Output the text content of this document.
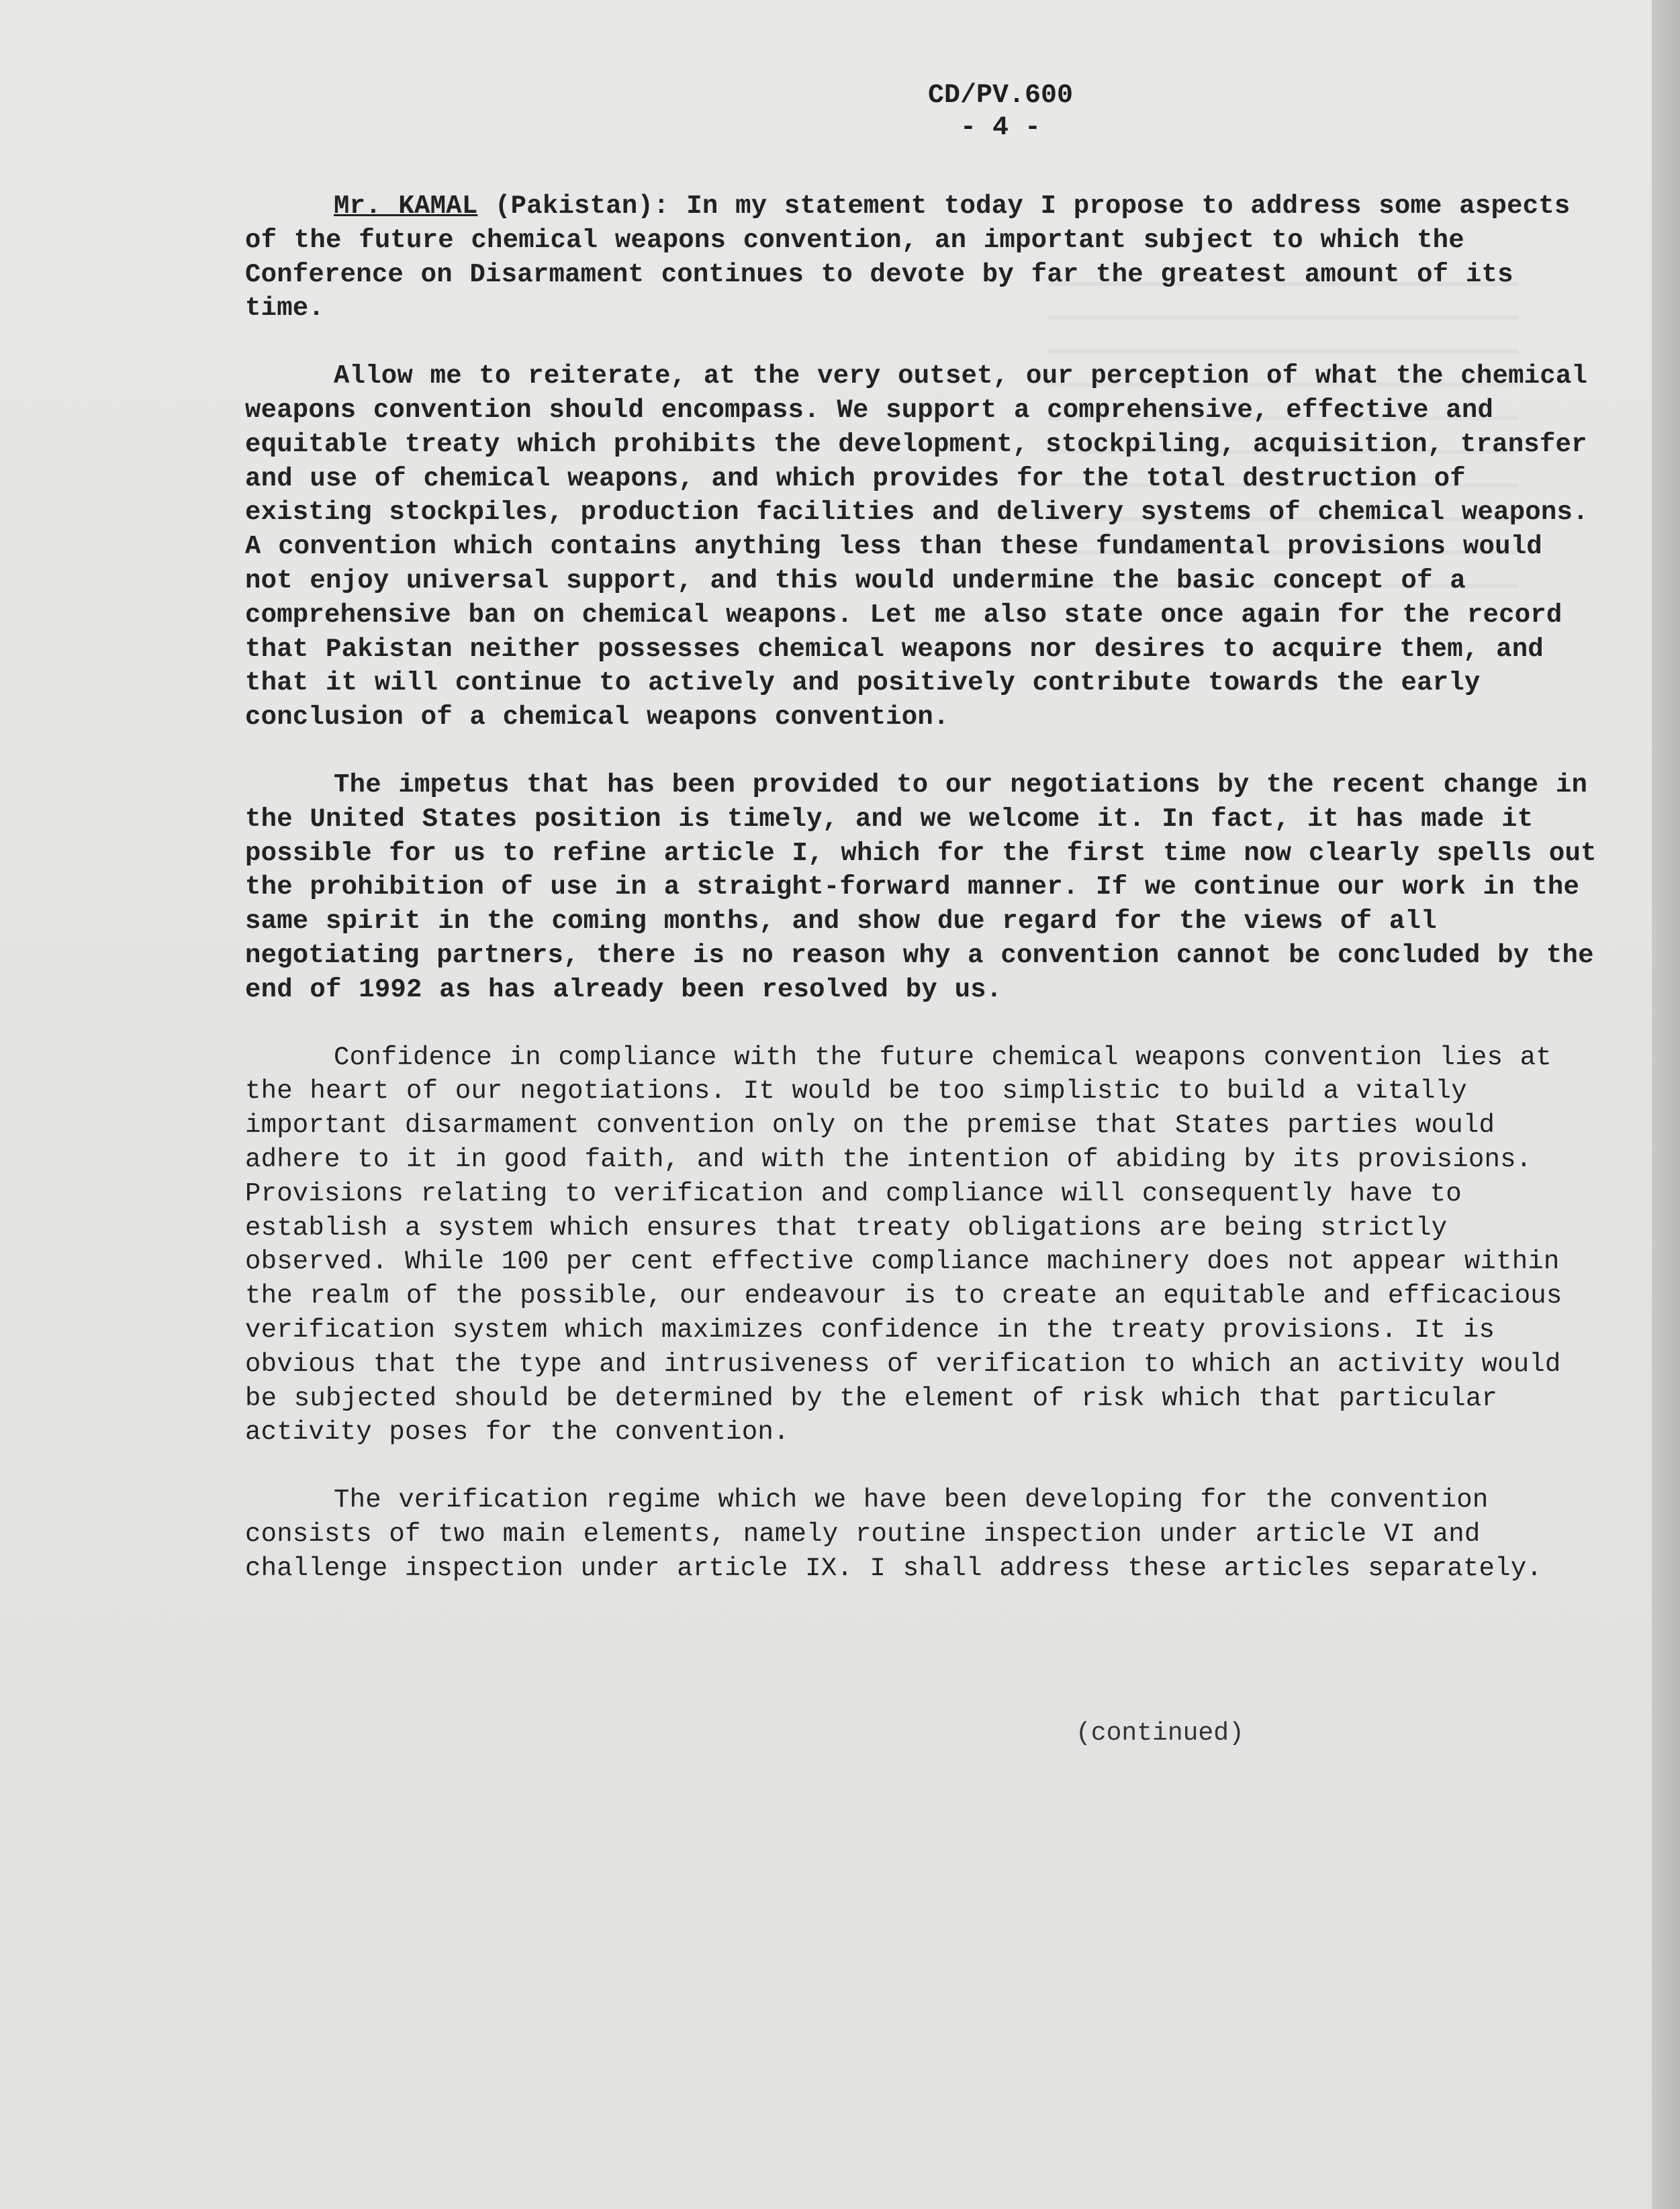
CD/PV.600
- 4 -

Mr. KAMAL (Pakistan): In my statement today I propose to address some aspects of the future chemical weapons convention, an important subject to which the Conference on Disarmament continues to devote by far the greatest amount of its time.

Allow me to reiterate, at the very outset, our perception of what the chemical weapons convention should encompass. We support a comprehensive, effective and equitable treaty which prohibits the development, stockpiling, acquisition, transfer and use of chemical weapons, and which provides for the total destruction of existing stockpiles, production facilities and delivery systems of chemical weapons. A convention which contains anything less than these fundamental provisions would not enjoy universal support, and this would undermine the basic concept of a comprehensive ban on chemical weapons. Let me also state once again for the record that Pakistan neither possesses chemical weapons nor desires to acquire them, and that it will continue to actively and positively contribute towards the early conclusion of a chemical weapons convention.

The impetus that has been provided to our negotiations by the recent change in the United States position is timely, and we welcome it. In fact, it has made it possible for us to refine article I, which for the first time now clearly spells out the prohibition of use in a straight-forward manner. If we continue our work in the same spirit in the coming months, and show due regard for the views of all negotiating partners, there is no reason why a convention cannot be concluded by the end of 1992 as has already been resolved by us.

Confidence in compliance with the future chemical weapons convention lies at the heart of our negotiations. It would be too simplistic to build a vitally important disarmament convention only on the premise that States parties would adhere to it in good faith, and with the intention of abiding by its provisions. Provisions relating to verification and compliance will consequently have to establish a system which ensures that treaty obligations are being strictly observed. While 100 per cent effective compliance machinery does not appear within the realm of the possible, our endeavour is to create an equitable and efficacious verification system which maximizes confidence in the treaty provisions. It is obvious that the type and intrusiveness of verification to which an activity would be subjected should be determined by the element of risk which that particular activity poses for the convention.

The verification regime which we have been developing for the convention consists of two main elements, namely routine inspection under article VI and challenge inspection under article IX. I shall address these articles separately.

(continued)
